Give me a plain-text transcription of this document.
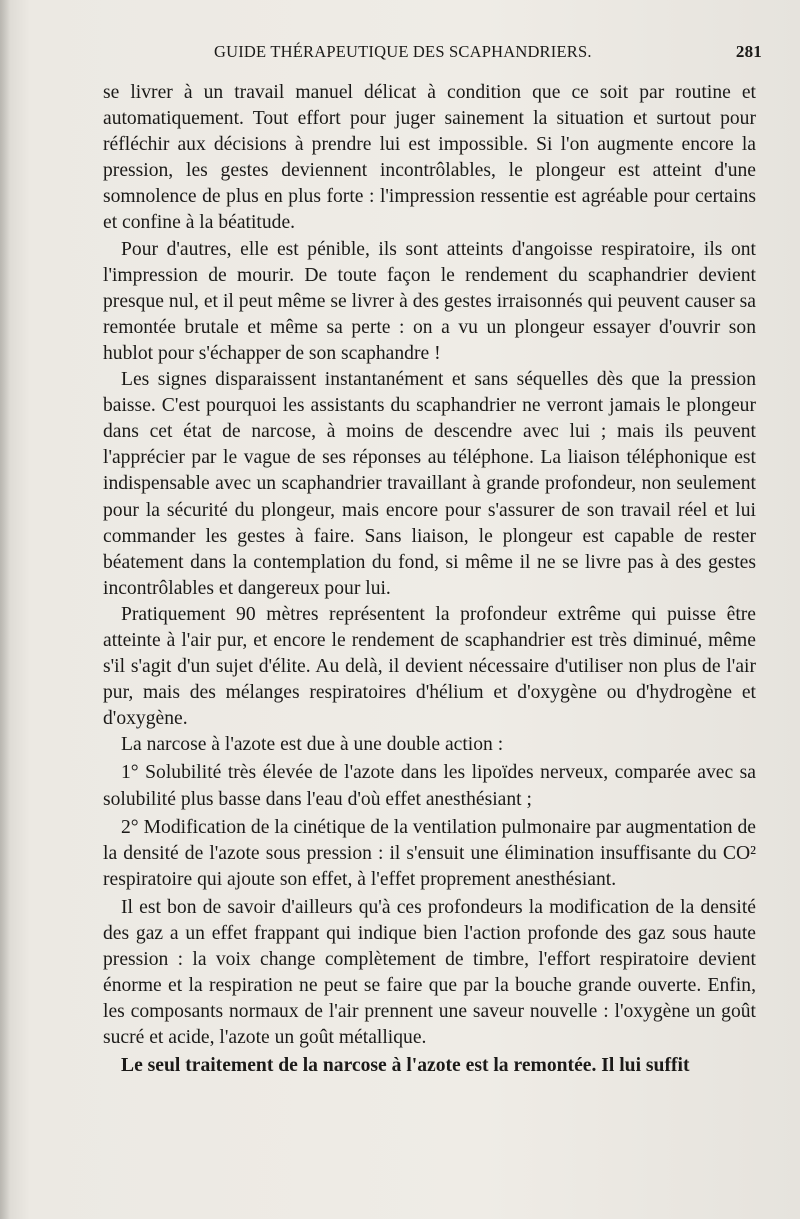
GUIDE THÉRAPEUTIQUE DES SCAPHANDRIERS.	281

se livrer à un travail manuel délicat à condition que ce soit par routine et automatiquement. Tout effort pour juger sainement la situation et surtout pour réfléchir aux décisions à prendre lui est impossible. Si l'on augmente encore la pression, les gestes deviennent incontrôlables, le plongeur est atteint d'une somnolence de plus en plus forte : l'impression ressentie est agréable pour certains et confine à la béatitude.

Pour d'autres, elle est pénible, ils sont atteints d'angoisse respiratoire, ils ont l'impression de mourir. De toute façon le rendement du scaphandrier devient presque nul, et il peut même se livrer à des gestes irraisonnés qui peuvent causer sa remontée brutale et même sa perte : on a vu un plongeur essayer d'ouvrir son hublot pour s'échapper de son scaphandre !

Les signes disparaissent instantanément et sans séquelles dès que la pression baisse. C'est pourquoi les assistants du scaphandrier ne verront jamais le plongeur dans cet état de narcose, à moins de descendre avec lui ; mais ils peuvent l'apprécier par le vague de ses réponses au téléphone. La liaison téléphonique est indispensable avec un scaphandrier travaillant à grande profondeur, non seulement pour la sécurité du plongeur, mais encore pour s'assurer de son travail réel et lui commander les gestes à faire. Sans liaison, le plongeur est capable de rester béatement dans la contemplation du fond, si même il ne se livre pas à des gestes incontrôlables et dangereux pour lui.

Pratiquement 90 mètres représentent la profondeur extrême qui puisse être atteinte à l'air pur, et encore le rendement de scaphandrier est très diminué, même s'il s'agit d'un sujet d'élite. Au delà, il devient nécessaire d'utiliser non plus de l'air pur, mais des mélanges respiratoires d'hélium et d'oxygène ou d'hydrogène et d'oxygène.

La narcose à l'azote est due à une double action :

1° Solubilité très élevée de l'azote dans les lipoïdes nerveux, comparée avec sa solubilité plus basse dans l'eau d'où effet anesthésiant ;

2° Modification de la cinétique de la ventilation pulmonaire par augmentation de la densité de l'azote sous pression : il s'ensuit une élimination insuffisante du CO² respiratoire qui ajoute son effet, à l'effet proprement anesthésiant.

Il est bon de savoir d'ailleurs qu'à ces profondeurs la modification de la densité des gaz a un effet frappant qui indique bien l'action profonde des gaz sous haute pression : la voix change complètement de timbre, l'effort respiratoire devient énorme et la respiration ne peut se faire que par la bouche grande ouverte. Enfin, les composants normaux de l'air prennent une saveur nouvelle : l'oxygène un goût sucré et acide, l'azote un goût métallique.

Le seul traitement de la narcose à l'azote est la remontée. Il lui suffit
